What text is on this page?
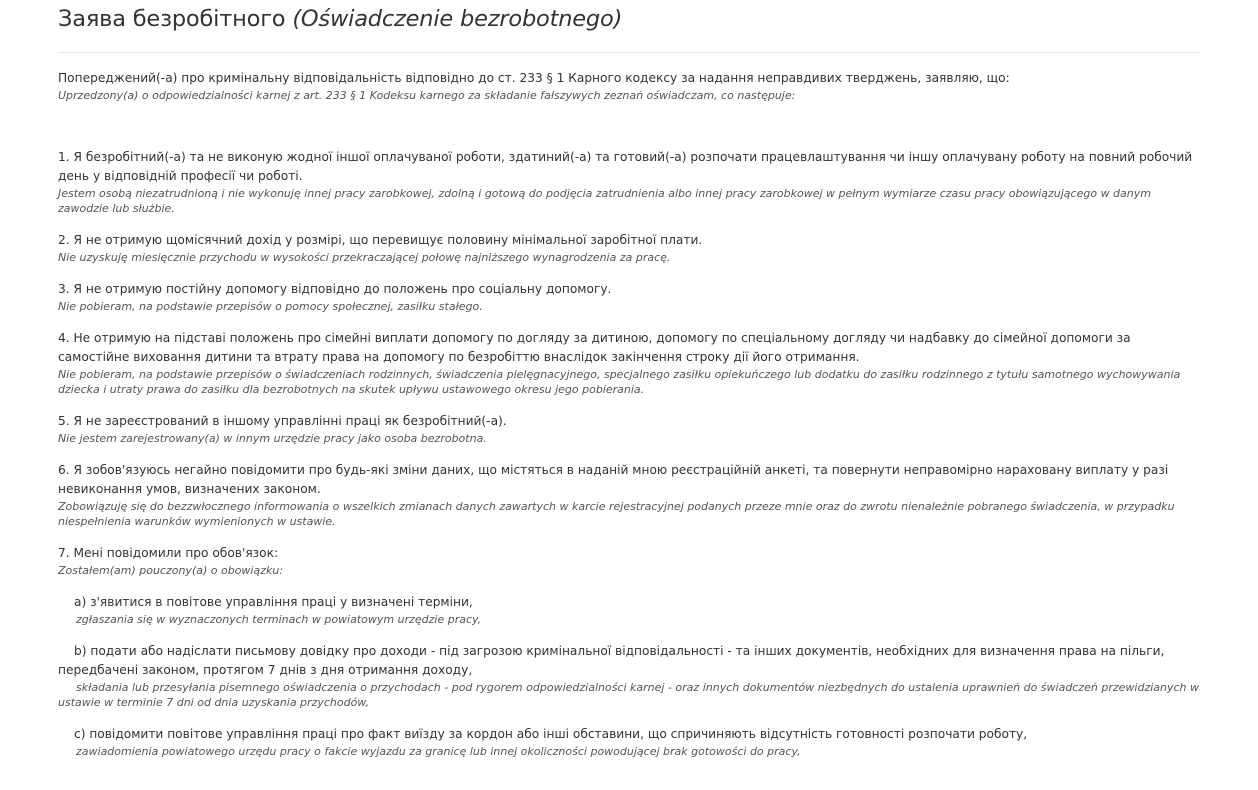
Заява безробітного (Oświadczenie bezrobotnego)
Попереджений(-а) про кримінальну відповідальність відповідно до ст. 233 § 1 Карного кодексу за надання неправдивих тверджень, заявляю, що:
Uprzedzony(a) o odpowiedzialności karnej z art. 233 § 1 Kodeksu karnego za składanie fałszywych zeznań oświadczam, co następuje:
1. Я безробітний(-а) та не виконую жодної іншої оплачуваної роботи, здатиний(-а) та готовий(-а) розпочати працевлаштування чи іншу оплачувану роботу на повний робочий день у відповідній професії чи роботі.
Jestem osobą niezatrudnioną i nie wykonuję innej pracy zarobkowej, zdolną i gotową do podjęcia zatrudnienia albo innej pracy zarobkowej w pełnym wymiarze czasu pracy obowiązującego w danym zawodzie lub służbie.
2. Я не отримую щомісячний дохід у розмірі, що перевищує половину мінімальної заробітної плати.
Nie uzyskuję miesięcznie przychodu w wysokości przekraczającej połowę najniższego wynagrodzenia za pracę.
3. Я не отримую постійну допомогу відповідно до положень про соціальну допомогу.
Nie pobieram, na podstawie przepisów o pomocy społecznej, zasiłku stałego.
4. Не отримую на підставі положень про сімейні виплати допомогу по догляду за дитиною, допомогу по спеціальному догляду чи надбавку до сімейної допомоги за самостійне виховання дитини та втрату права на допомогу по безробіттю внаслідок закінчення строку дії його отримання.
Nie pobieram, na podstawie przepisów o świadczeniach rodzinnych, świadczenia pielęgnacyjnego, specjalnego zasiłku opiekuńczego lub dodatku do zasiłku rodzinnego z tytułu samotnego wychowywania dziecka i utraty prawa do zasiłku dla bezrobotnych na skutek upływu ustawowego okresu jego pobierania.
5. Я не зареєстрований в іншому управлінні праці як безробітний(-а).
Nie jestem zarejestrowany(a) w innym urzędzie pracy jako osoba bezrobotna.
6. Я зобов'язуюсь негайно повідомити про будь-які зміни даних, що містяться в наданій мною реєстраційній анкеті, та повернути неправомірно нараховану виплату у разі невиконання умов, визначених законом.
Zobowiązuję się do bezzwłocznego informowania o wszelkich zmianach danych zawartych w karcie rejestracyjnej podanych przeze mnie oraz do zwrotu nienależnie pobranego świadczenia, w przypadku niespełnienia warunków wymienionych w ustawie.
7. Мені повідомили про обов'язок:
Zostałem(am) pouczony(a) o obowiązku:
а) з'явитися в повітове управління праці у визначені терміни,
zgłaszania się w wyznaczonych terminach w powiatowym urzędzie pracy,
b) подати або надіслати письмову довідку про доходи - під загрозою кримінальної відповідальності - та інших документів, необхідних для визначення права на пільги, передбачені законом, протягом 7 днів з дня отримання доходу,
składania lub przesyłania pisemnego oświadczenia o przychodach - pod rygorem odpowiedzialności karnej - oraz innych dokumentów niezbędnych do ustalenia uprawnień do świadczeń przewidzianych w ustawie w terminie 7 dni od dnia uzyskania przychodów,
с) повідомити повітове управління праці про факт виїзду за кордон або інші обставини, що спричиняють відсутність готовності розпочати роботу,
zawiadomienia powiatowego urzędu pracy o fakcie wyjazdu za granicę lub innej okoliczności powodującej brak gotowości do pracy,
